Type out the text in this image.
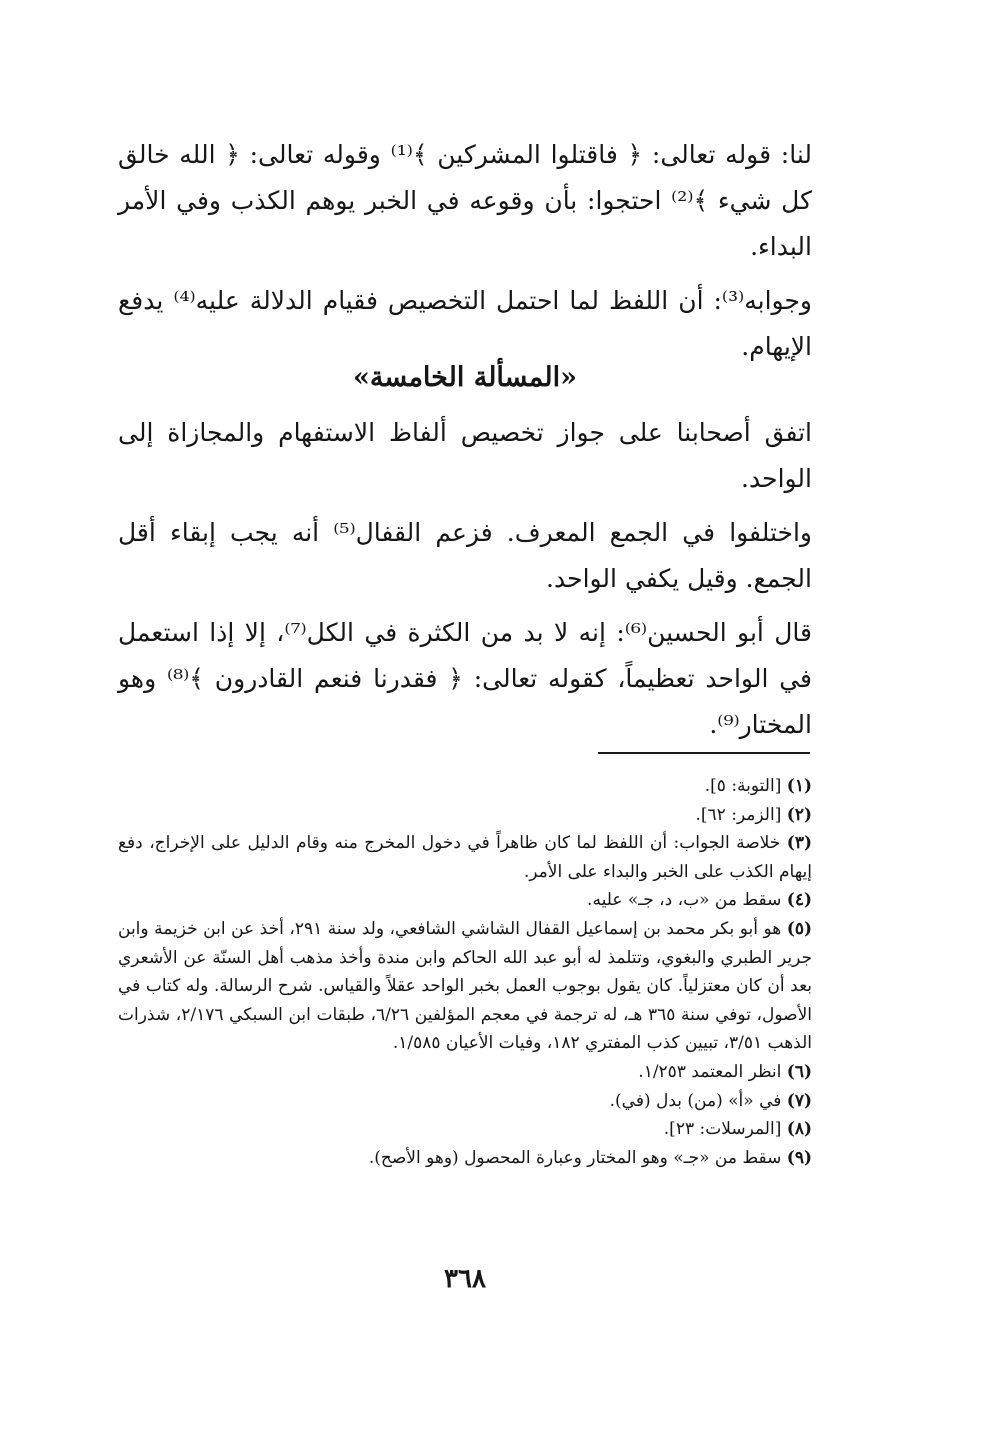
لنا: قوله تعالى: ﴿ فاقتلوا المشركين ﴾⁽¹⁾ وقوله تعالى: ﴿ الله خالق كل شيء ﴾⁽²⁾ احتجوا: بأن وقوعه في الخبر يوهم الكذب وفي الأمر البداء.

وجوابه⁽³⁾: أن اللفظ لما احتمل التخصيص فقيام الدلالة عليه⁽⁴⁾ يدفع الإيهام.

«المسألة الخامسة»

اتفق أصحابنا على جواز تخصيص ألفاظ الاستفهام والمجازاة إلى الواحد.

واختلفوا في الجمع المعرف. فزعم القفال⁽⁵⁾ أنه يجب إبقاء أقل الجمع. وقيل يكفي الواحد.

قال أبو الحسين⁽⁶⁾: إنه لا بد من الكثرة في الكل⁽⁷⁾، إلا إذا استعمل في الواحد تعظيماً، كقوله تعالى: ﴿ فقدرنا فنعم القادرون ﴾⁽⁸⁾ وهو المختار⁽⁹⁾.

(١) [التوبة: ٥].

(٢) [الزمر: ٦٢].

(٣) خلاصة الجواب: أن اللفظ لما كان ظاهراً في دخول المخرج منه وقام الدليل على الإخراج، دفع إيهام الكذب على الخبر والبداء على الأمر.

(٤) سقط من «ب، د، جـ» عليه.

(٥) هو أبو بكر محمد بن إسماعيل القفال الشاشي الشافعي، ولد سنة ٢٩١، أخذ عن ابن خزيمة وابن جرير الطبري والبغوي، وتتلمذ له أبو عبد الله الحاكم وابن مندة وأخذ مذهب أهل السنّة عن الأشعري بعد أن كان معتزلياً. كان يقول بوجوب العمل بخبر الواحد عقلاً والقياس. شرح الرسالة. وله كتاب في الأصول، توفي سنة ٣٦٥ هـ، له ترجمة في معجم المؤلفين ٦/٢٦، طبقات ابن السبكي ٢/١٧٦، شذرات الذهب ٣/٥١، تبيين كذب المفتري ١٨٢، وفيات الأعيان ١/٥٨٥.

(٦) انظر المعتمد ١/٢٥٣.

(٧) في «أ» (من) بدل (في).

(٨) [المرسلات: ٢٣].

(٩) سقط من «جـ» وهو المختار وعبارة المحصول (وهو الأصح).

٣٦٨
